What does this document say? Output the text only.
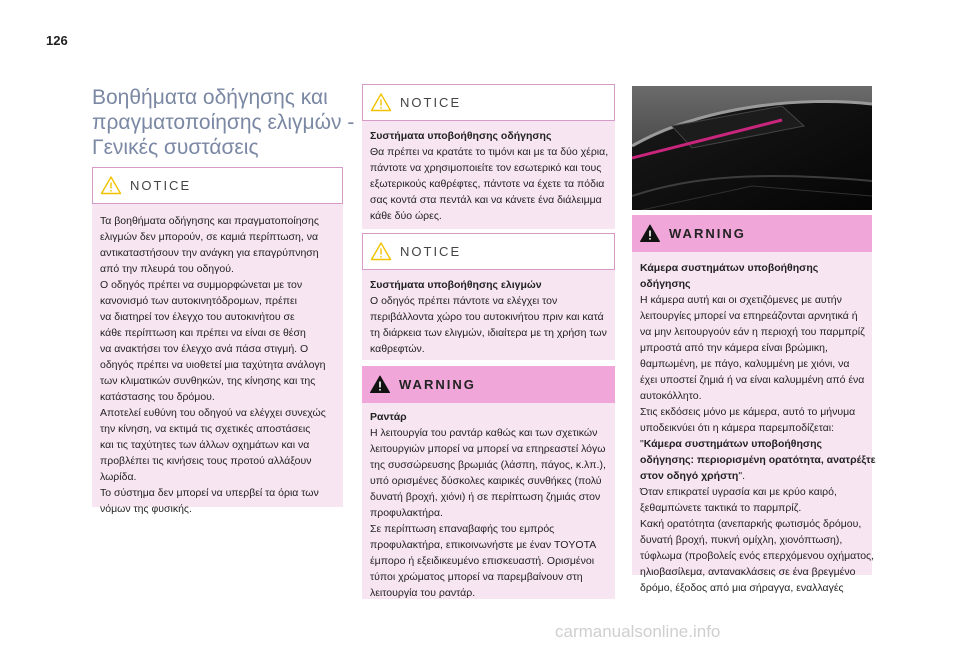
126
Βοηθήματα οδήγησης και
πραγματοποίησης ελιγμών -
Γενικές συστάσεις
NOTICE
Τα βοηθήματα οδήγησης και πραγματοποίησης
ελιγμών δεν μπορούν, σε καμιά περίπτωση, να
αντικαταστήσουν την ανάγκη για επαγρύπνηση
από την πλευρά του οδηγού.
Ο οδηγός πρέπει να συμμορφώνεται με τον
κανονισμό των αυτοκινητόδρομων, πρέπει
να διατηρεί τον έλεγχο του αυτοκινήτου σε
κάθε περίπτωση και πρέπει να είναι σε θέση
να ανακτήσει τον έλεγχο ανά πάσα στιγμή. Ο
οδηγός πρέπει να υιοθετεί μια ταχύτητα ανάλογη
των κλιματικών συνθηκών, της κίνησης και της
κατάστασης του δρόμου.
Αποτελεί ευθύνη του οδηγού να ελέγχει συνεχώς
την κίνηση, να εκτιμά τις σχετικές αποστάσεις
και τις ταχύτητες των άλλων οχημάτων και να
προβλέπει τις κινήσεις τους προτού αλλάξουν
λωρίδα.
Το σύστημα δεν μπορεί να υπερβεί τα όρια των
νόμων της φυσικής.
NOTICE
Συστήματα υποβοήθησης οδήγησης
Θα πρέπει να κρατάτε το τιμόνι και με τα δύο χέρια,
πάντοτε να χρησιμοποιείτε τον εσωτερικό και τους
εξωτερικούς καθρέφτες, πάντοτε να έχετε τα πόδια
σας κοντά στα πεντάλ και να κάνετε ένα διάλειμμα
κάθε δύο ώρες.
NOTICE
Συστήματα υποβοήθησης ελιγμών
Ο οδηγός πρέπει πάντοτε να ελέγχει τον
περιβάλλοντα χώρο του αυτοκινήτου πριν και κατά
τη διάρκεια των ελιγμών, ιδιαίτερα με τη χρήση των
καθρεφτών.
WARNING
Ραντάρ
Η λειτουργία του ραντάρ καθώς και των σχετικών
λειτουργιών μπορεί να μπορεί να επηρεαστεί λόγω
της συσσώρευσης βρωμιάς (λάσπη, πάγος, κ.λπ.),
υπό ορισμένες δύσκολες καιρικές συνθήκες (πολύ
δυνατή βροχή, χιόνι) ή σε περίπτωση ζημιάς στον
προφυλακτήρα.
Σε περίπτωση επαναβαφής του εμπρός
προφυλακτήρα, επικοινωνήστε με έναν TOYOTA
έμπορο ή εξειδικευμένο επισκευαστή. Ορισμένοι
τύποι χρώματος μπορεί να παρεμβαίνουν στη
λειτουργία του ραντάρ.
WARNING
Κάμερα συστημάτων υποβοήθησης οδήγησης
Η κάμερα αυτή και οι σχετιζόμενες με αυτήν
λειτουργίες μπορεί να επηρεάζονται αρνητικά ή
να μην λειτουργούν εάν η περιοχή του παρμπρίζ
μπροστά από την κάμερα είναι βρώμικη,
θαμπωμένη, με πάγο, καλυμμένη με χιόνι, να
έχει υποστεί ζημιά ή να είναι καλυμμένη από ένα
αυτοκόλλητο.
Στις εκδόσεις μόνο με κάμερα, αυτό το μήνυμα
υποδεικνύει ότι η κάμερα παρεμποδίζεται:
"Κάμερα συστημάτων υποβοήθησης
οδήγησης: περιορισμένη ορατότητα, ανατρέξτε
στον οδηγό χρήστη".
Όταν επικρατεί υγρασία και με κρύο καιρό,
ξεθαμπώνετε τακτικά το παρμπρίζ.
Κακή ορατότητα (ανεπαρκής φωτισμός δρόμου,
δυνατή βροχή, πυκνή ομίχλη, χιονόπτωση),
τύφλωμα (προβολείς ενός επερχόμενου οχήματος,
ηλιοβασίλεμα, αντανακλάσεις σε ένα βρεγμένο
δρόμο, έξοδος από μια σήραγγα, εναλλαγές
carmanualsonline.info
